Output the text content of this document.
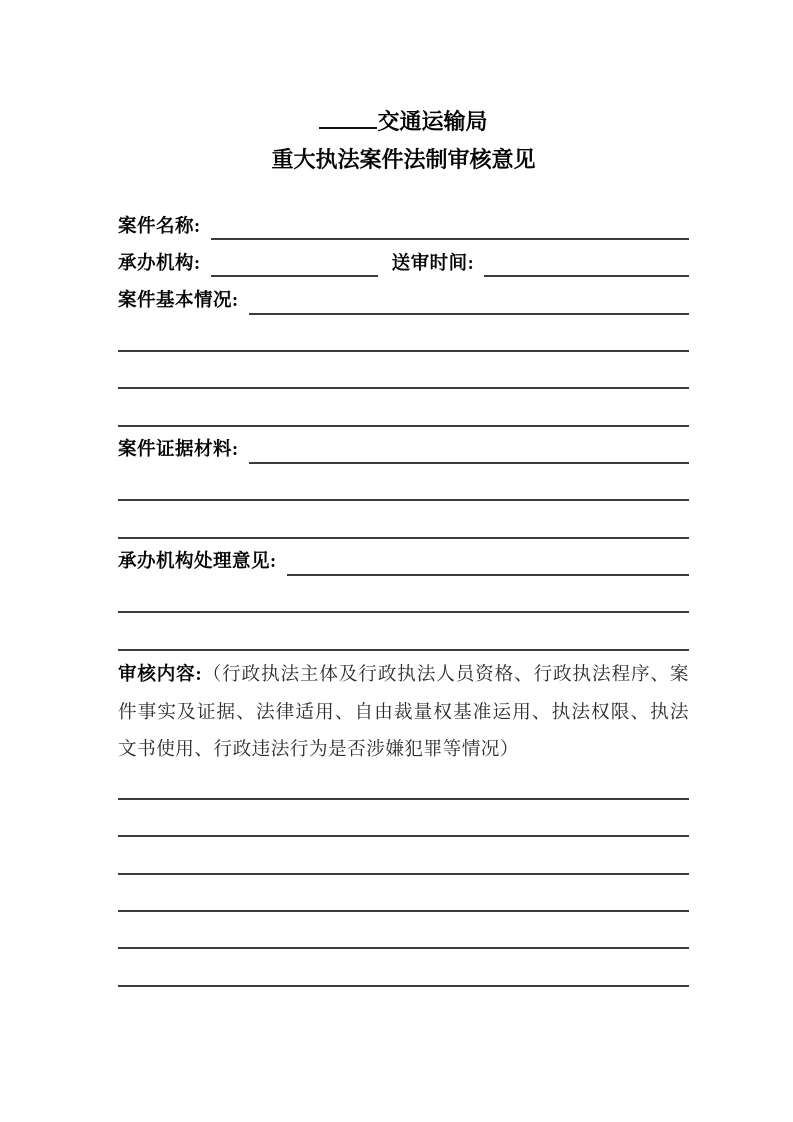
交通运输局
重大执法案件法制审核意见
案件名称:
承办机构:	送审时间:
案件基本情况:
案件证据材料:
承办机构处理意见:

审核内容:（行政执法主体及行政执法人员资格、行政执法程序、案件事实及证据、法律适用、自由裁量权基准运用、执法权限、执法文书使用、行政违法行为是否涉嫌犯罪等情况）
